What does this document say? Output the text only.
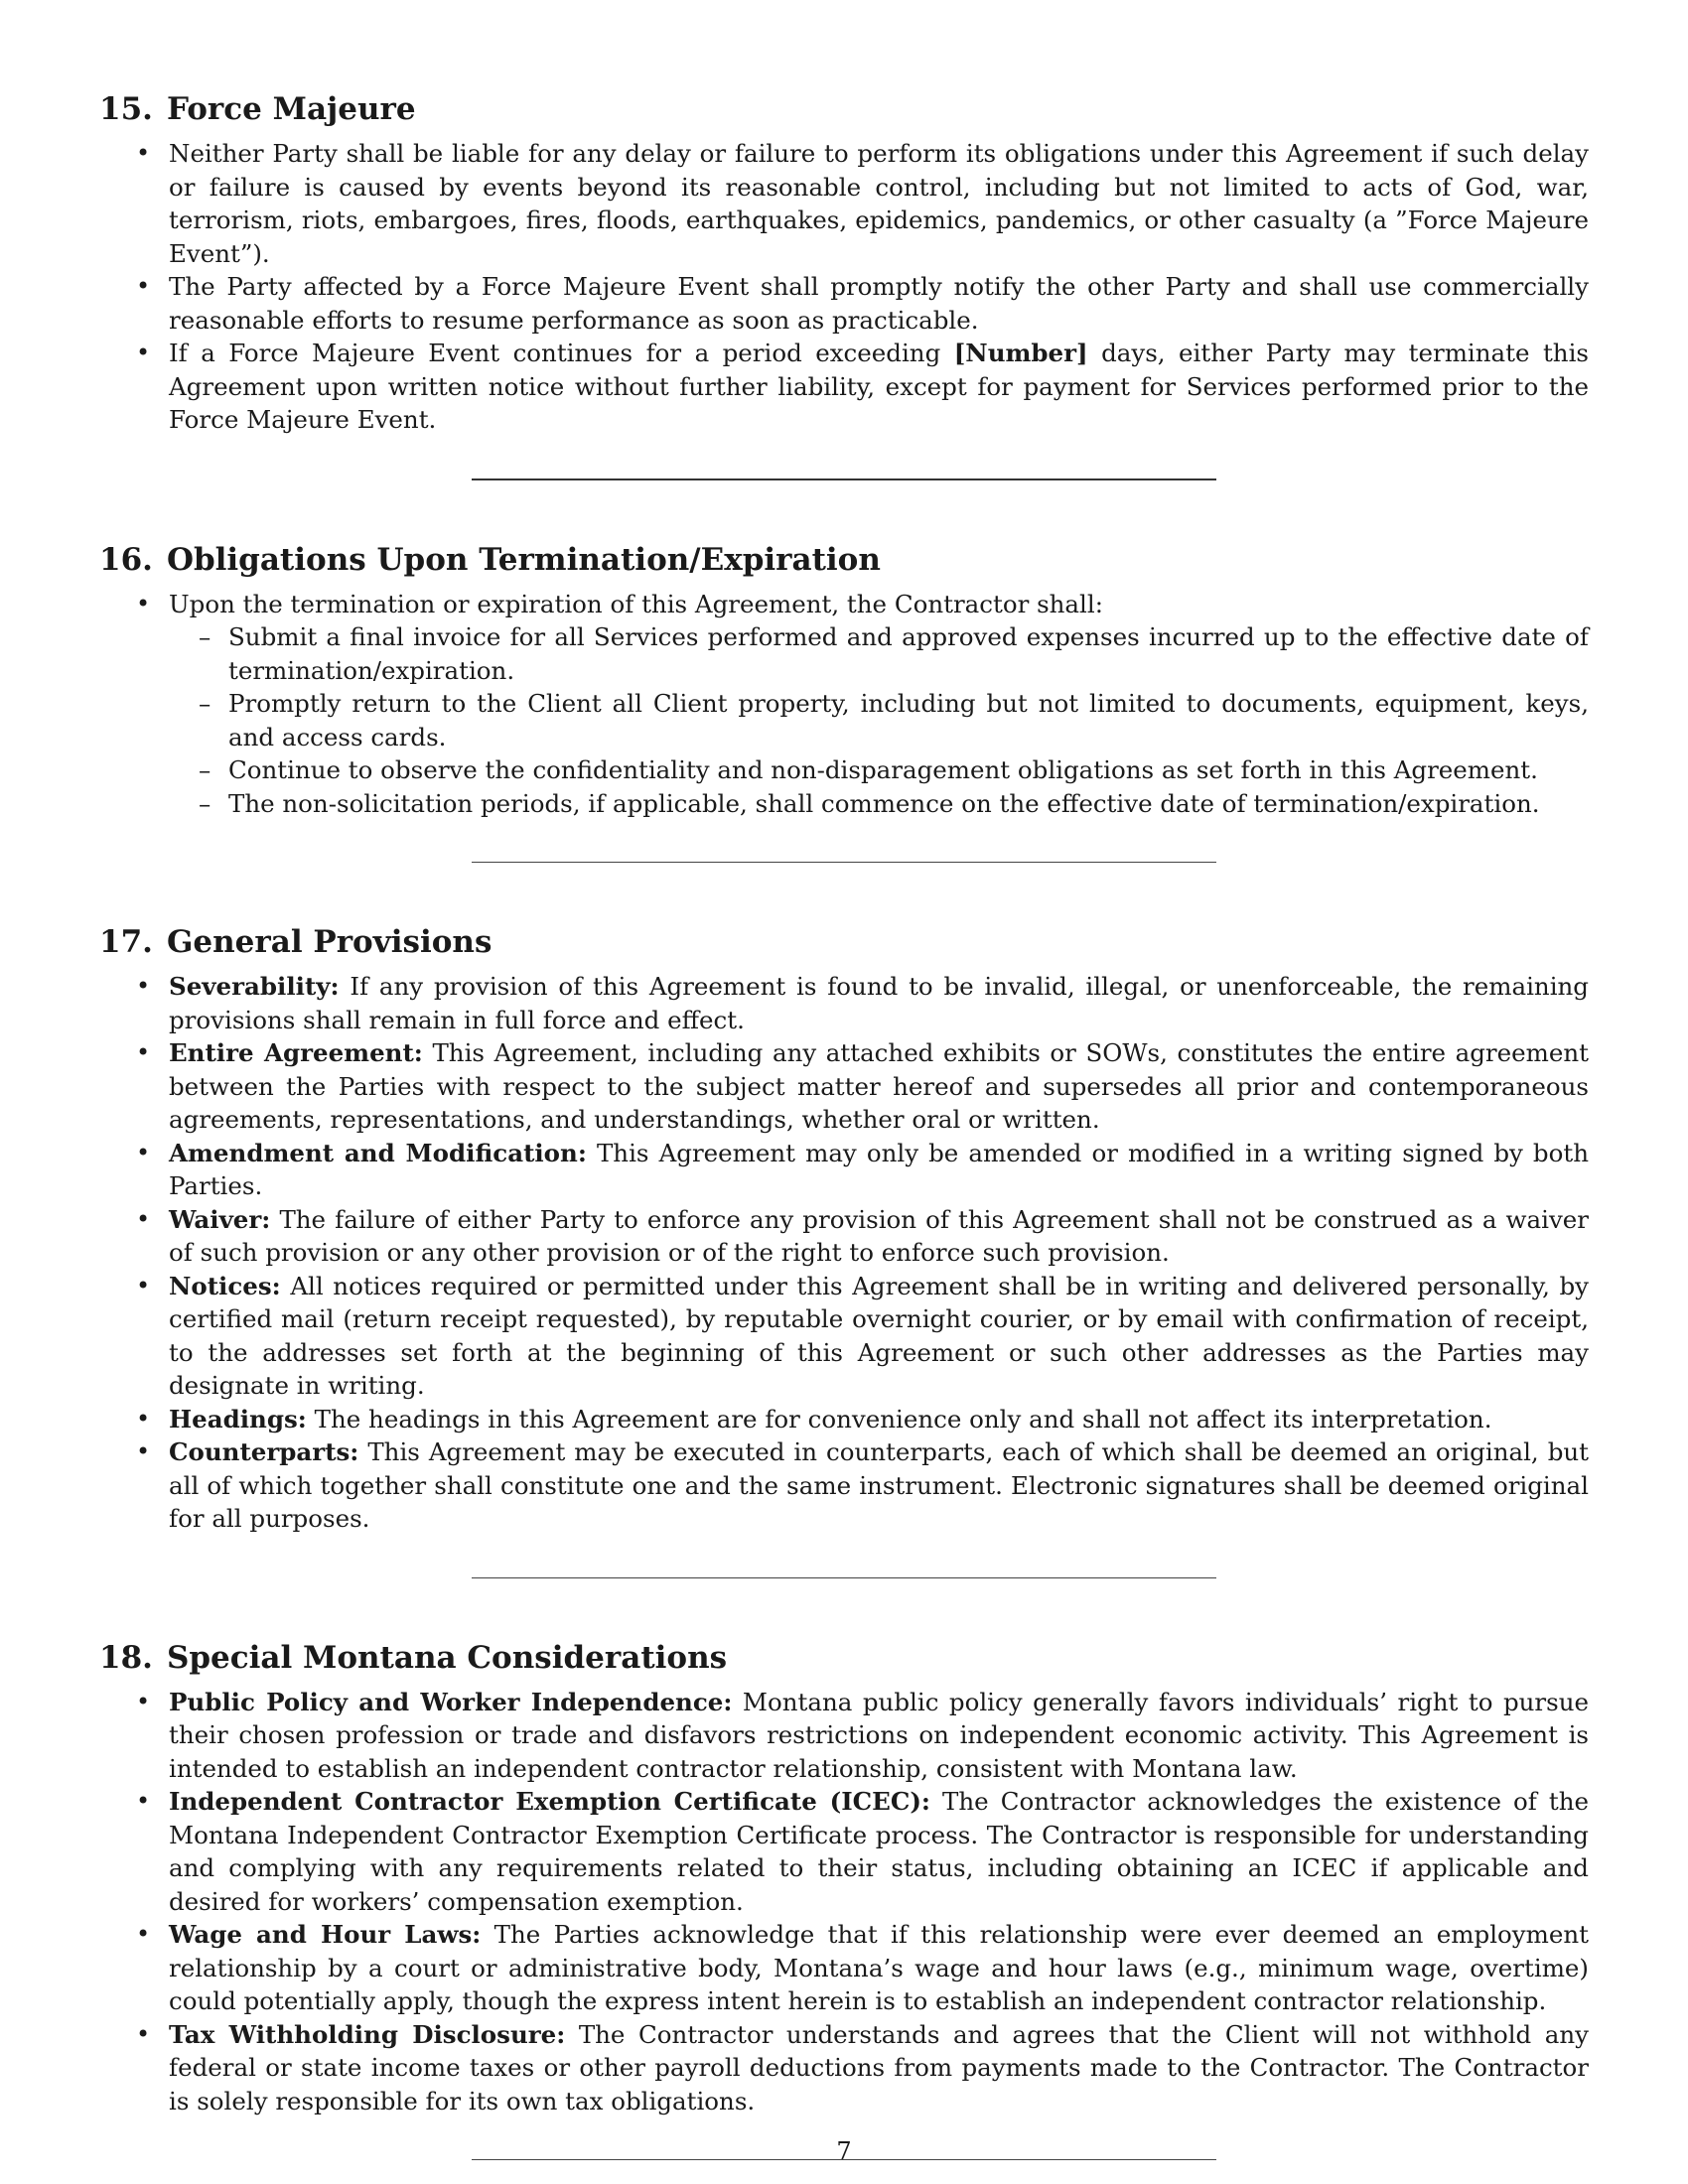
15. Force Majeure
• Neither Party shall be liable for any delay or failure to perform its obligations under this Agreement if such delay or failure is caused by events beyond its reasonable control, including but not limited to acts of God, war, terrorism, riots, embargoes, fires, floods, earthquakes, epidemics, pandemics, or other casualty (a ”Force Majeure Event”).
• The Party affected by a Force Majeure Event shall promptly notify the other Party and shall use commercially reasonable efforts to resume performance as soon as practicable.
• If a Force Majeure Event continues for a period exceeding [Number] days, either Party may terminate this Agreement upon written notice without further liability, except for payment for Services performed prior to the Force Majeure Event.
16. Obligations Upon Termination/Expiration
• Upon the termination or expiration of this Agreement, the Contractor shall:
– Submit a final invoice for all Services performed and approved expenses incurred up to the effective date of termination/expiration.
– Promptly return to the Client all Client property, including but not limited to documents, equipment, keys, and access cards.
– Continue to observe the confidentiality and non-disparagement obligations as set forth in this Agreement.
– The non-solicitation periods, if applicable, shall commence on the effective date of termination/expiration.
17. General Provisions
• Severability: If any provision of this Agreement is found to be invalid, illegal, or unenforceable, the remaining provisions shall remain in full force and effect.
• Entire Agreement: This Agreement, including any attached exhibits or SOWs, constitutes the entire agreement between the Parties with respect to the subject matter hereof and supersedes all prior and contemporaneous agreements, representations, and understandings, whether oral or written.
• Amendment and Modification: This Agreement may only be amended or modified in a writing signed by both Parties.
• Waiver: The failure of either Party to enforce any provision of this Agreement shall not be construed as a waiver of such provision or any other provision or of the right to enforce such provision.
• Notices: All notices required or permitted under this Agreement shall be in writing and delivered personally, by certified mail (return receipt requested), by reputable overnight courier, or by email with confirmation of receipt, to the addresses set forth at the beginning of this Agreement or such other addresses as the Parties may designate in writing.
• Headings: The headings in this Agreement are for convenience only and shall not affect its interpretation.
• Counterparts: This Agreement may be executed in counterparts, each of which shall be deemed an original, but all of which together shall constitute one and the same instrument. Electronic signatures shall be deemed original for all purposes.
18. Special Montana Considerations
• Public Policy and Worker Independence: Montana public policy generally favors individuals’ right to pursue their chosen profession or trade and disfavors restrictions on independent economic activity. This Agreement is intended to establish an independent contractor relationship, consistent with Montana law.
• Independent Contractor Exemption Certificate (ICEC): The Contractor acknowledges the existence of the Montana Independent Contractor Exemption Certificate process. The Contractor is responsible for understanding and complying with any requirements related to their status, including obtaining an ICEC if applicable and desired for workers’ compensation exemption.
• Wage and Hour Laws: The Parties acknowledge that if this relationship were ever deemed an employment relationship by a court or administrative body, Montana’s wage and hour laws (e.g., minimum wage, overtime) could potentially apply, though the express intent herein is to establish an independent contractor relationship.
• Tax Withholding Disclosure: The Contractor understands and agrees that the Client will not withhold any federal or state income taxes or other payroll deductions from payments made to the Contractor. The Contractor is solely responsible for its own tax obligations.
7
